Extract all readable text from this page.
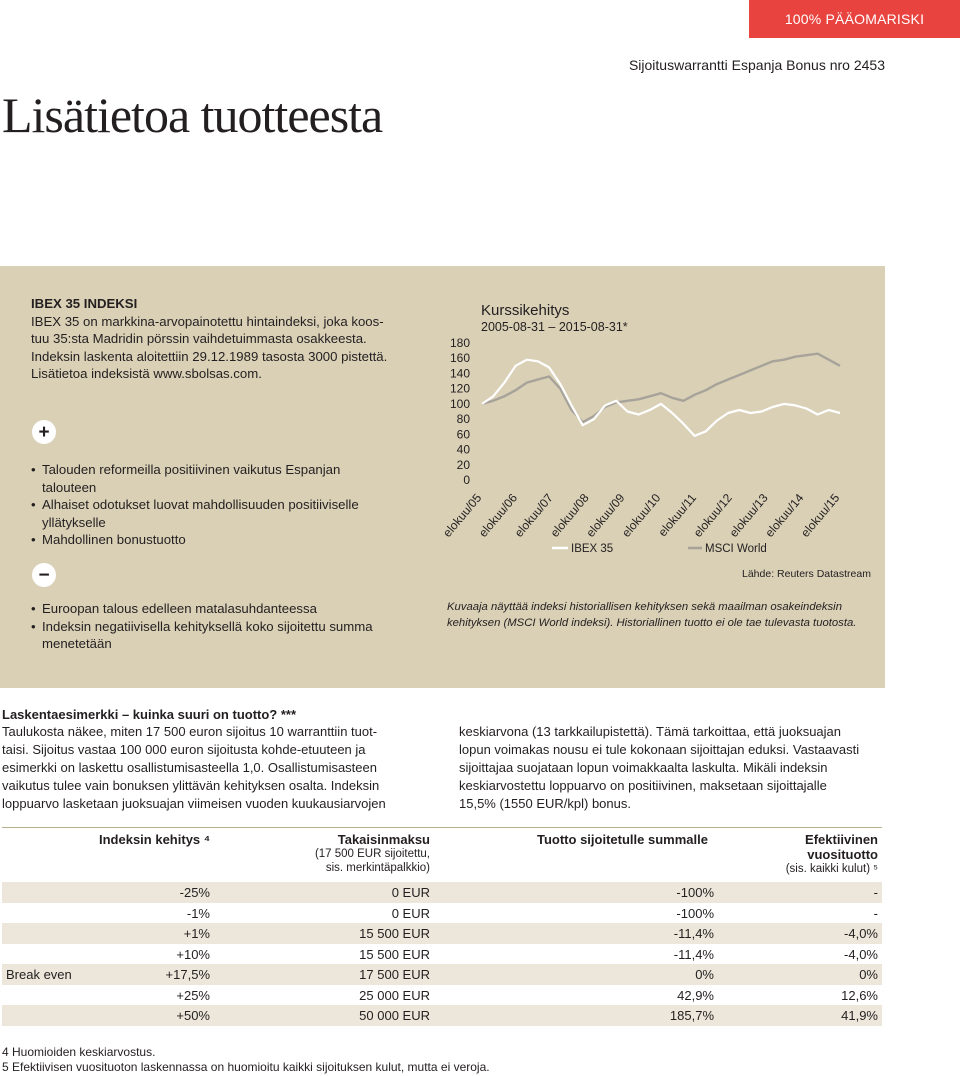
100% PÄÄOMARISKI
Sijoituswarrantti Espanja Bonus nro 2453
Lisätietoa tuotteesta
IBEX 35 INDEKSI
IBEX 35 on markkina-arvopainotettu hintaindeksi, joka koos-
tuu 35:sta Madridin pörssin vaihdetuimmasta osakkeesta.
Indeksin laskenta aloitettiin 29.12.1989 tasosta 3000 pistettä.
Lisätietoa indeksistä www.sbolsas.com.
+
• Talouden reformeilla positiivinen vaikutus Espanjan
talouteen
• Alhaiset odotukset luovat mahdollisuuden positiiviselle
yllätykselle
• Mahdollinen bonustuotto
−
• Euroopan talous edelleen matalasuhdanteessa
• Indeksin negatiivisella kehityksellä koko sijoitettu summa
menetetään
Kurssikehitys
2005-08-31 – 2015-08-31*
180
160
140
120
100
80
60
40
20
0
elokuu/05
elokuu/06
elokuu/07
elokuu/08
elokuu/09
elokuu/10
elokuu/11
elokuu/12
elokuu/13
elokuu/14
elokuu/15
IBEX 35	MSCI World
Lähde: Reuters Datastream
Kuvaaja näyttää indeksi historiallisen kehityksen sekä maailman osakeindeksin kehityksen (MSCI World indeksi). Historiallinen tuotto ei ole tae tulevasta tuotosta.
Laskentaesimerkki – kuinka suuri on tuotto? ***
Taulukosta näkee, miten 17 500 euron sijoitus 10 warranttiin tuot-
taisi. Sijoitus vastaa 100 000 euron sijoitusta kohde-etuuteen ja
esimerkki on laskettu osallistumisasteella 1,0. Osallistumisasteen
vaikutus tulee vain bonuksen ylittävän kehityksen osalta. Indeksin
loppuarvo lasketaan juoksuajan viimeisen vuoden kuukausiarvojen
keskiarvona (13 tarkkailupistettä). Tämä tarkoittaa, että juoksuajan
lopun voimakas nousu ei tule kokonaan sijoittajan eduksi. Vastaavasti
sijoittajaa suojataan lopun voimakkaalta laskulta. Mikäli indeksin
keskiarvostettu loppuarvo on positiivinen, maksetaan sijoittajalle
15,5% (1550 EUR/kpl) bonus.
Indeksin kehitys ⁴	Takaisinmaksu
(17 500 EUR sijoitettu,
sis. merkintäpalkkio)
Tuotto sijoitetulle summalle	Efektiivinen
vuosituotto
(sis. kaikki kulut) ⁵
-25%	0 EUR	-100%	-
-1%	0 EUR	-100%	-
+1%	15 500 EUR	-11,4%	-4,0%
+10%	15 500 EUR	-11,4%	-4,0%
Break even	+17,5%	17 500 EUR	0%	0%
+25%	25 000 EUR	42,9%	12,6%
+50%	50 000 EUR	185,7%	41,9%
4 Huomioiden keskiarvostus.
5 Efektiivisen vuosituoton laskennassa on huomioitu kaikki sijoituksen kulut, mutta ei veroja.
